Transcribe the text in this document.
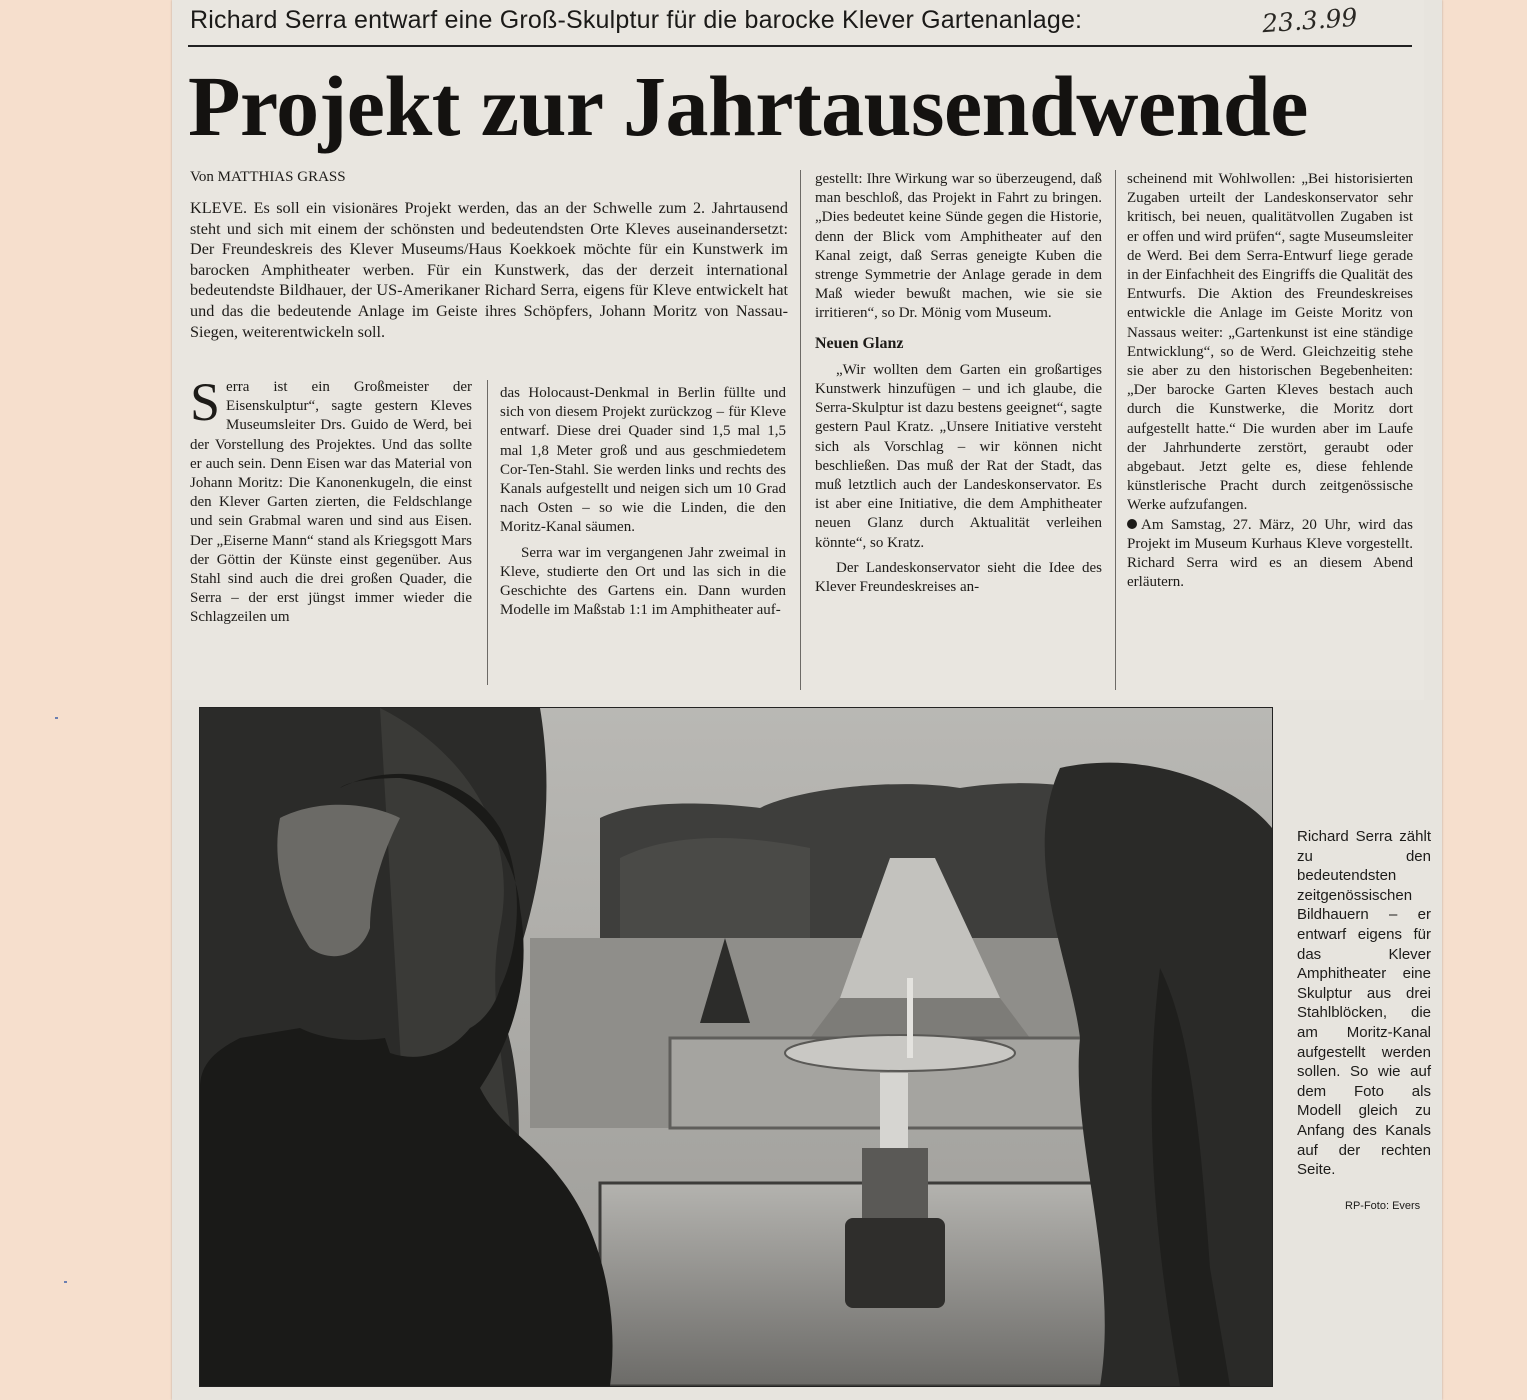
Richard Serra entwarf eine Groß-Skulptur für die barocke Klever Gartenanlage:	23.3.99
Projekt zur Jahrtausendwende
Von MATTHIAS GRASS
KLEVE. Es soll ein visionäres Projekt werden, das an der Schwelle zum 2. Jahrtausend steht und sich mit einem der schönsten und bedeutendsten Orte Kleves auseinandersetzt: Der Freundeskreis des Klever Museums/Haus Koekkoek möchte für ein Kunstwerk im barocken Amphitheater werben. Für ein Kunstwerk, das der derzeit international bedeutendste Bildhauer, der US-Amerikaner Richard Serra, eigens für Kleve entwickelt hat und das die bedeutende Anlage im Geiste ihres Schöpfers, Johann Moritz von Nassau-Siegen, weiterentwickeln soll.

Serra ist ein Großmeister der Eisenskulptur“, sagte gestern Kleves Museumsleiter Drs. Guido de Werd, bei der Vorstellung des Projektes. Und das sollte er auch sein. Denn Eisen war das Material von Johann Moritz: Die Kanonenkugeln, die einst den Klever Garten zierten, die Feldschlange und sein Grabmal waren und sind aus Eisen. Der „Eiserne Mann“ stand als Kriegsgott Mars der Göttin der Künste einst gegenüber. Aus Stahl sind auch die drei großen Quader, die Serra – der erst jüngst immer wieder die Schlagzeilen um

das Holocaust-Denkmal in Berlin füllte und sich von diesem Projekt zurückzog – für Kleve entwarf. Diese drei Quader sind 1,5 mal 1,5 mal 1,8 Meter groß und aus geschmiedetem Cor-Ten-Stahl. Sie werden links und rechts des Kanals aufgestellt und neigen sich um 10 Grad nach Osten – so wie die Linden, die den Moritz-Kanal säumen.

Serra war im vergangenen Jahr zweimal in Kleve, studierte den Ort und las sich in die Geschichte des Gartens ein. Dann wurden Modelle im Maßstab 1:1 im Amphitheater auf-

gestellt: Ihre Wirkung war so überzeugend, daß man beschloß, das Projekt in Fahrt zu bringen. „Dies bedeutet keine Sünde gegen die Historie, denn der Blick vom Amphitheater auf den Kanal zeigt, daß Serras geneigte Kuben die strenge Symmetrie der Anlage gerade in dem Maß wieder bewußt machen, wie sie sie irritieren“, so Dr. Mönig vom Museum.

Neuen Glanz

„Wir wollten dem Garten ein großartiges Kunstwerk hinzufügen – und ich glaube, die Serra-Skulptur ist dazu bestens geeignet“, sagte gestern Paul Kratz. „Unsere Initiative versteht sich als Vorschlag – wir können nicht beschließen. Das muß der Rat der Stadt, das muß letztlich auch der Landeskonservator. Es ist aber eine Initiative, die dem Amphitheater neuen Glanz durch Aktualität verleihen könnte“, so Kratz.

Der Landeskonservator sieht die Idee des Klever Freundeskreises an-

scheinend mit Wohlwollen: „Bei historisierten Zugaben urteilt der Landeskonservator sehr kritisch, bei neuen, qualitätvollen Zugaben ist er offen und wird prüfen“, sagte Museumsleiter de Werd. Bei dem Serra-Entwurf liege gerade in der Einfachheit des Eingriffs die Qualität des Entwurfs. Die Aktion des Freundeskreises entwickle die Anlage im Geiste Moritz von Nassaus weiter: „Gartenkunst ist eine ständige Entwicklung“, so de Werd. Gleichzeitig stehe sie aber zu den historischen Begebenheiten: „Der barocke Garten Kleves bestach auch durch die Kunstwerke, die Moritz dort aufgestellt hatte.“ Die wurden aber im Laufe der Jahrhunderte zerstört, geraubt oder abgebaut. Jetzt gelte es, diese fehlende künstlerische Pracht durch zeitgenössische Werke aufzufangen.

Am Samstag, 27. März, 20 Uhr, wird das Projekt im Museum Kurhaus Kleve vorgestellt. Richard Serra wird es an diesem Abend erläutern.

Richard Serra zählt zu den bedeutendsten zeitgenössischen Bildhauern – er entwarf eigens für das Klever Amphitheater eine Skulptur aus drei Stahlblöcken, die am Moritz-Kanal aufgestellt werden sollen. So wie auf dem Foto als Modell gleich zu Anfang des Kanals auf der rechten Seite.
RP-Foto: Evers
